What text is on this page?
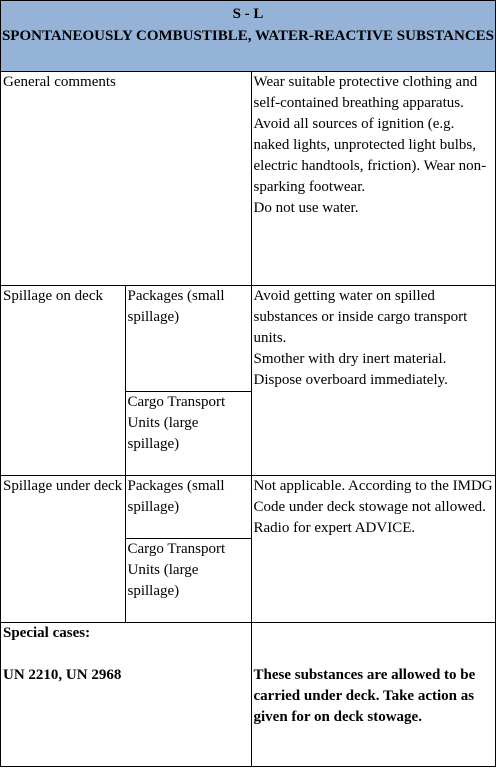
S - L
SPONTANEOUSLY COMBUSTIBLE, WATER-REACTIVE SUBSTANCES
General comments		Wear suitable protective clothing and self-contained breathing apparatus.
Avoid all sources of ignition (e.g. naked lights, unprotected light bulbs, electric handtools, friction). Wear non-sparking footwear.
Do not use water.
Spillage on deck	Packages (small spillage)	Avoid getting water on spilled substances or inside cargo transport units.
Smother with dry inert material. Dispose overboard immediately.
	Cargo Transport Units (large spillage)	
Spillage under deck	Packages (small spillage)	Not applicable. According to the IMDG Code under deck stowage not allowed. Radio for expert ADVICE.
	Cargo Transport Units (large spillage)	

Special cases:
UN 2210, UN 2968		These substances are allowed to be carried under deck. Take action as given for on deck stowage.
